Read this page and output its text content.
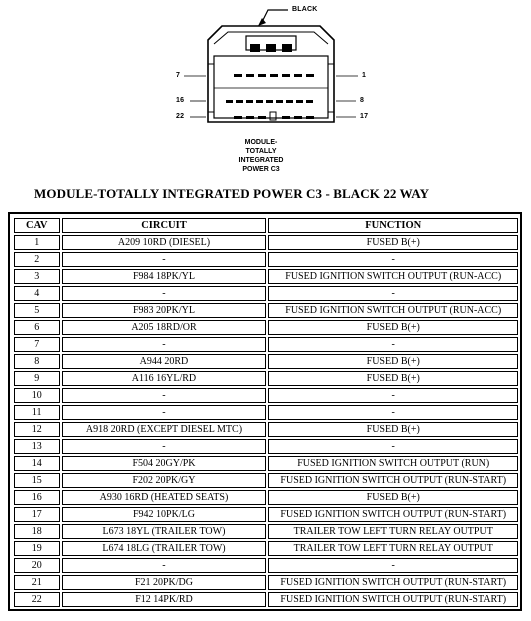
BLACK
7	1
16	8
22	17
MODULE-
TOTALLY
INTEGRATED
POWER C3
MODULE-TOTALLY INTEGRATED POWER C3 - BLACK 22 WAY
CAV	CIRCUIT	FUNCTION
1	A209 10RD (DIESEL)	FUSED B(+)
2	-	-
3	F984 18PK/YL	FUSED IGNITION SWITCH OUTPUT (RUN-ACC)
4	-	-
5	F983 20PK/YL	FUSED IGNITION SWITCH OUTPUT (RUN-ACC)
6	A205 18RD/OR	FUSED B(+)
7	-	-
8	A944 20RD	FUSED B(+)
9	A116 16YL/RD	FUSED B(+)
10	-	-
11	-	-
12	A918 20RD (EXCEPT DIESEL MTC)	FUSED B(+)
13	-	-
14	F504 20GY/PK	FUSED IGNITION SWITCH OUTPUT (RUN)
15	F202 20PK/GY	FUSED IGNITION SWITCH OUTPUT (RUN-START)
16	A930 16RD (HEATED SEATS)	FUSED B(+)
17	F942 10PK/LG	FUSED IGNITION SWITCH OUTPUT (RUN-START)
18	L673 18YL (TRAILER TOW)	TRAILER TOW LEFT TURN RELAY OUTPUT
19	L674 18LG (TRAILER TOW)	TRAILER TOW LEFT TURN RELAY OUTPUT
20	-	-
21	F21 20PK/DG	FUSED IGNITION SWITCH OUTPUT (RUN-START)
22	F12 14PK/RD	FUSED IGNITION SWITCH OUTPUT (RUN-START)
